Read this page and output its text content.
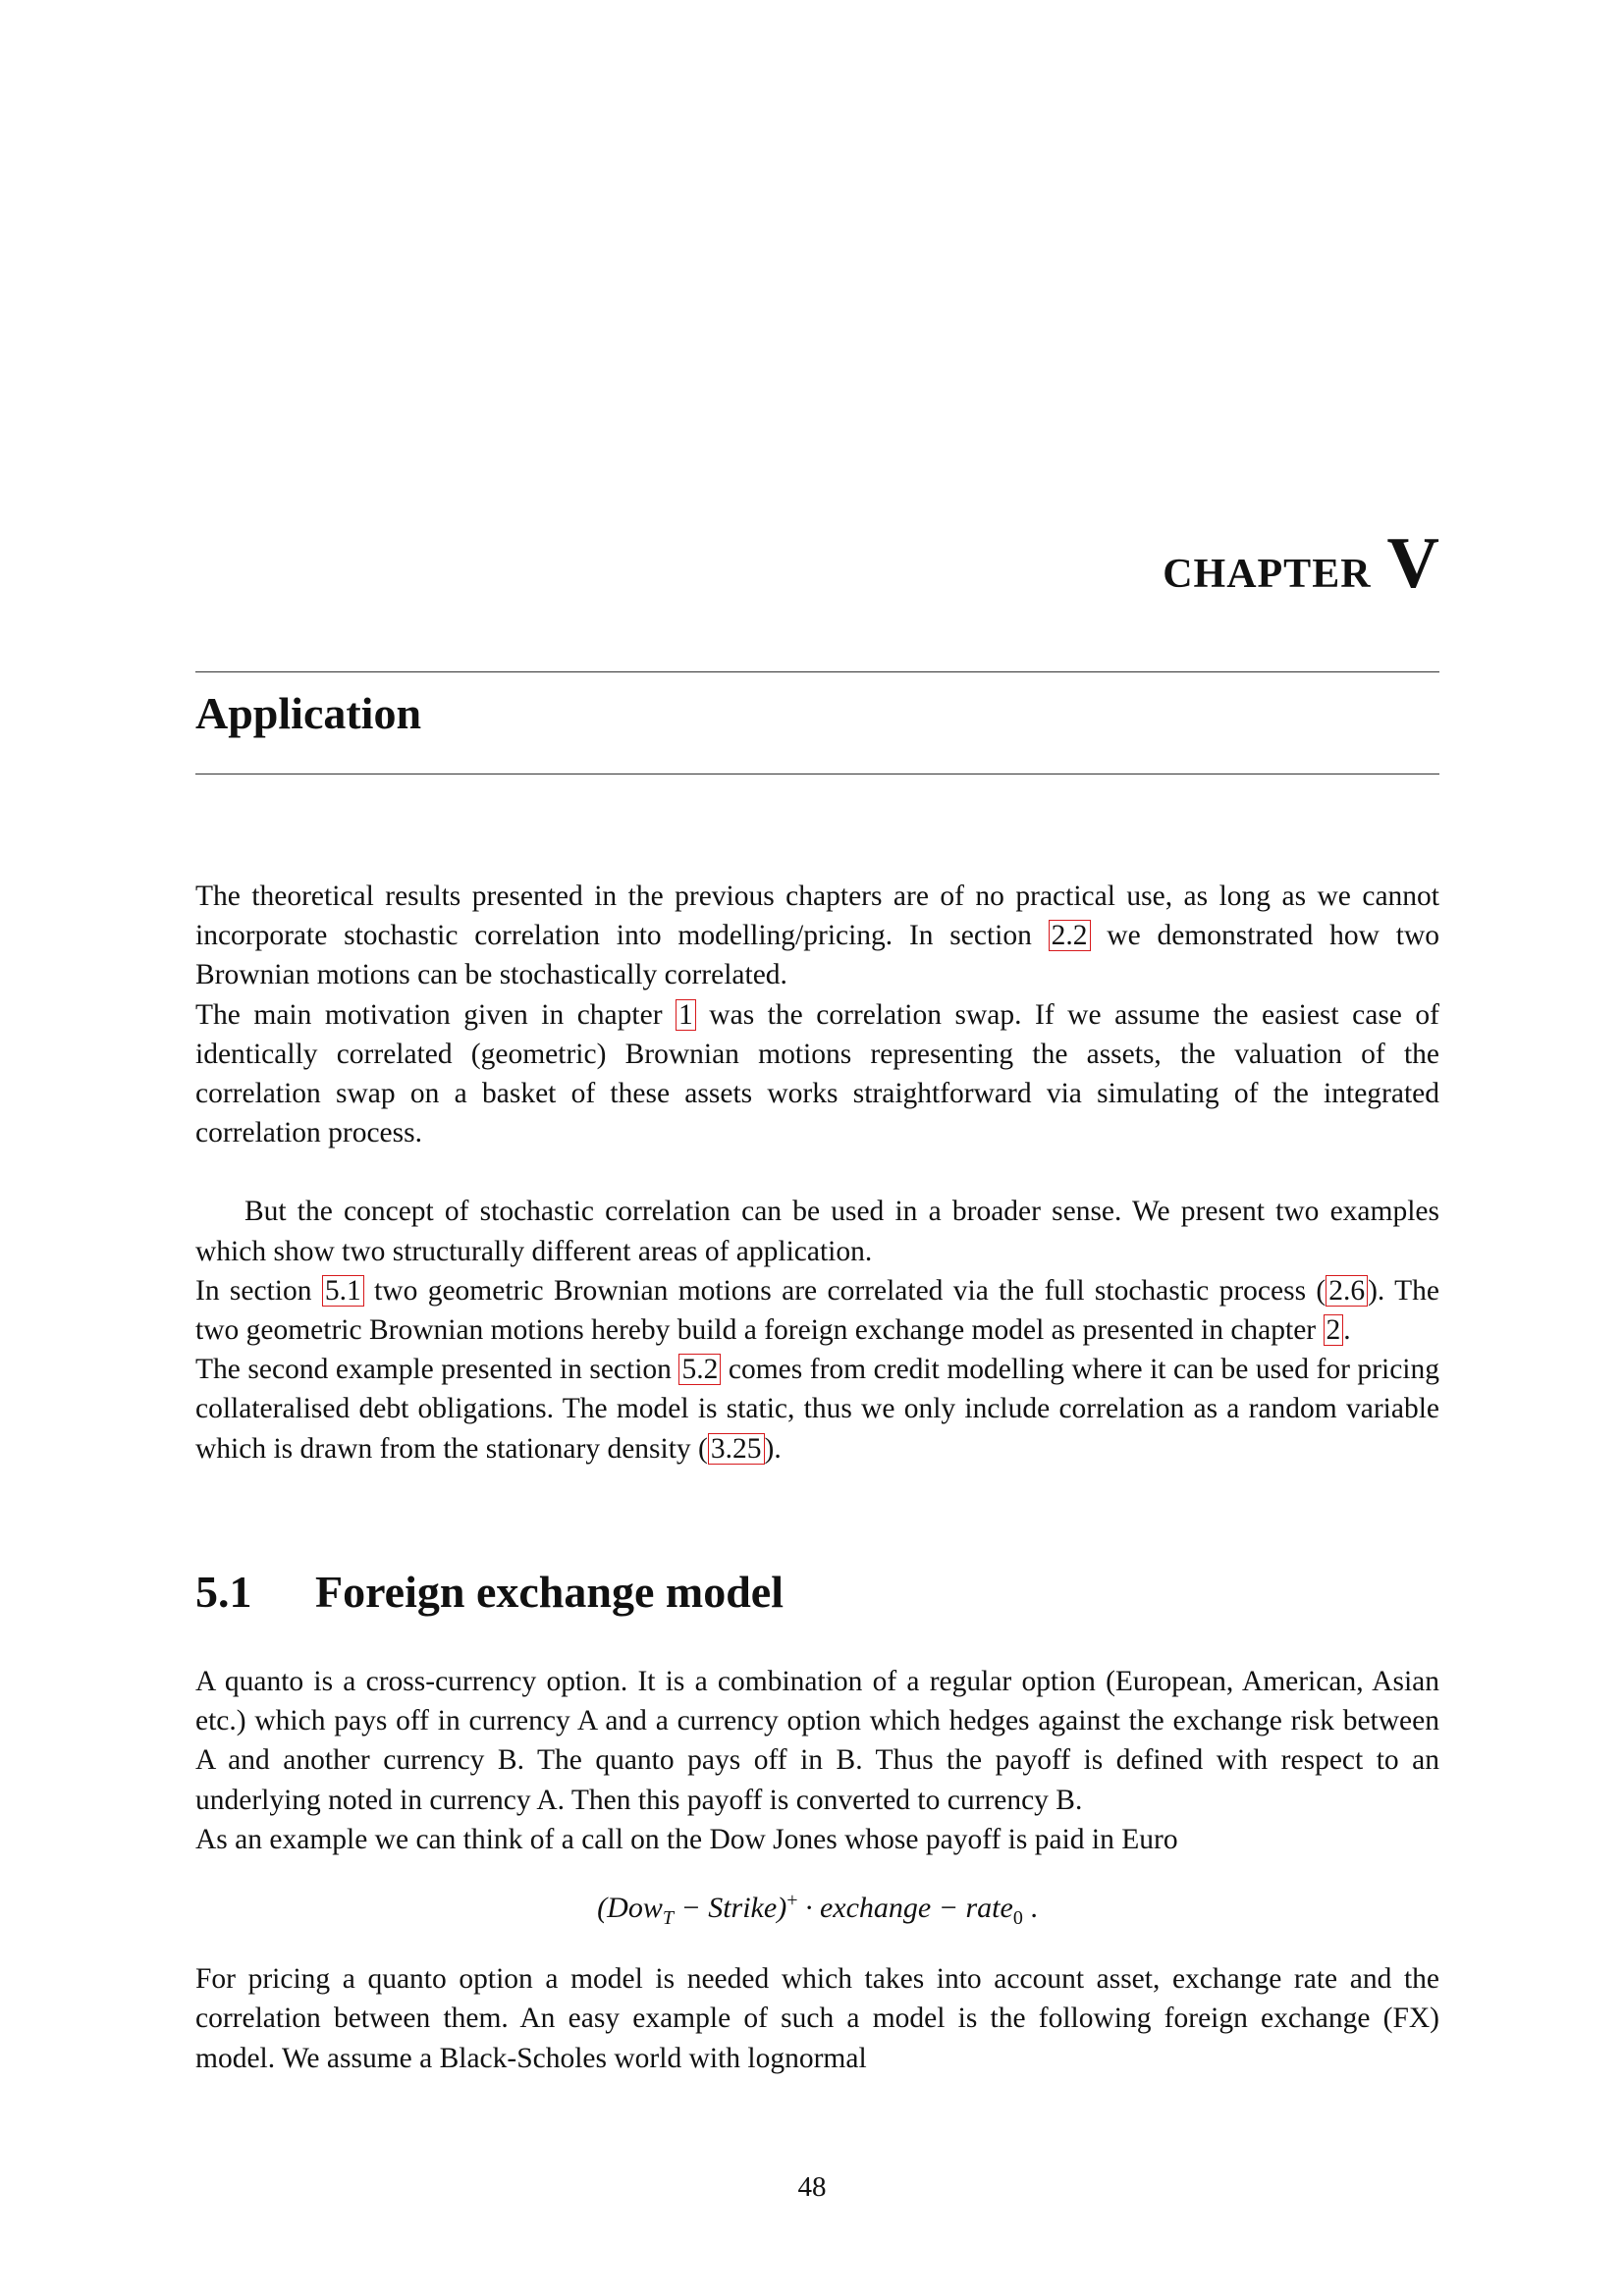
chapter V
Application

The theoretical results presented in the previous chapters are of no practical use, as long as we cannot incorporate stochastic correlation into modelling/pricing. In section 2.2 we demonstrated how two Brownian motions can be stochastically correlated.

The main motivation given in chapter 1 was the correlation swap. If we assume the easiest case of identically correlated (geometric) Brownian motions representing the assets, the valuation of the correlation swap on a basket of these assets works straightforward via simulating of the integrated correlation process.

But the concept of stochastic correlation can be used in a broader sense. We present two examples which show two structurally different areas of application.

In section 5.1 two geometric Brownian motions are correlated via the full stochastic process ( 2.6 ). The two geometric Brownian motions hereby build a foreign exchange model as presented in chapter 2 .

The second example presented in section 5.2 comes from credit modelling where it can be used for pricing collateralised debt obligations. The model is static, thus we only include correlation as a random variable which is drawn from the stationary density ( 3.25 ).

5.1 Foreign exchange model

A quanto is a cross-currency option. It is a combination of a regular option (European, American, Asian etc.) which pays off in currency A and a currency option which hedges against the exchange risk between A and another currency B. The quanto pays off in B. Thus the payoff is defined with respect to an underlying noted in currency A. Then this payoff is converted to currency B.

As an example we can think of a call on the Dow Jones whose payoff is paid in Euro

(Dow$_T$ − Strike)+ · exchange − rate$_0$ .

For pricing a quanto option a model is needed which takes into account asset, exchange rate and the correlation between them. An easy example of such a model is the following foreign exchange (FX) model. We assume a Black-Scholes world with lognormal

48
